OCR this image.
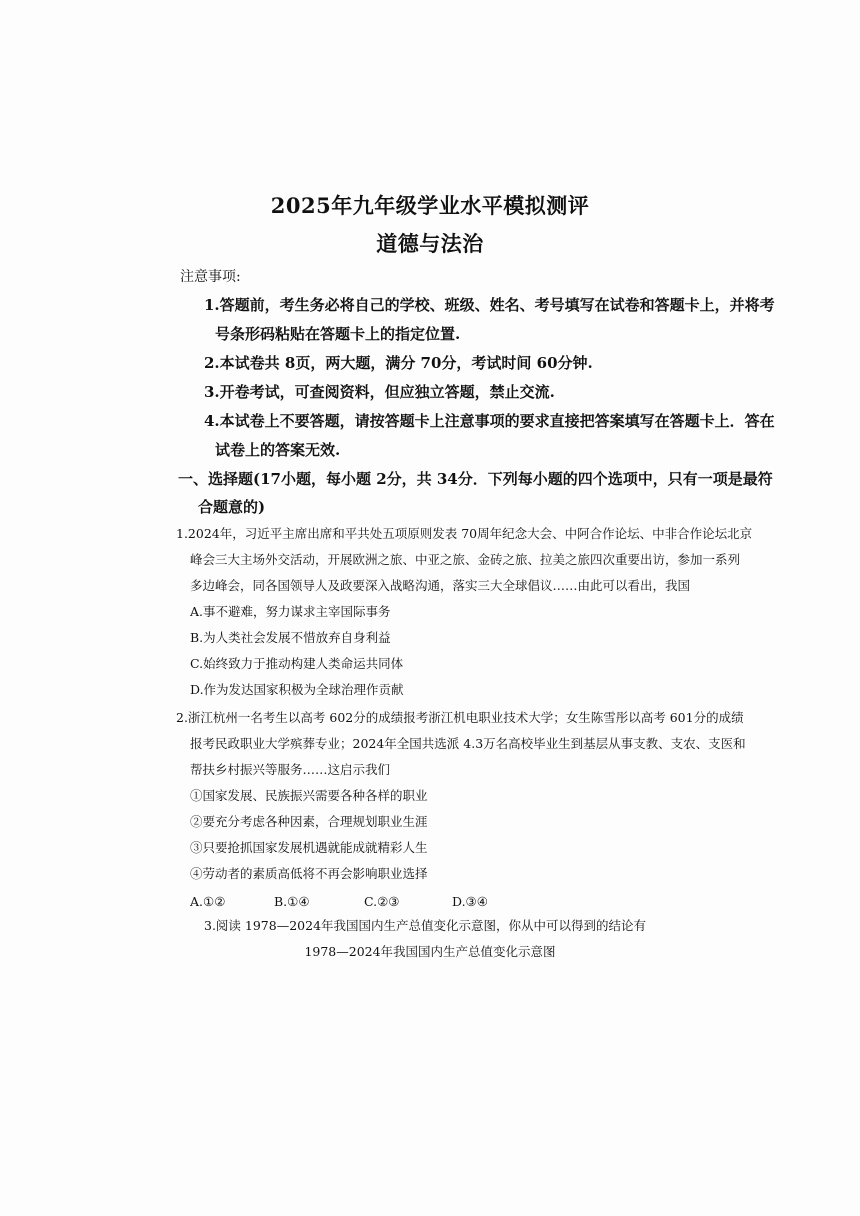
2025年九年级学业水平模拟测评
道德与法治
注意事项:
1.答题前，考生务必将自己的学校、班级、姓名、考号填写在试卷和答题卡上，并将考
号条形码粘贴在答题卡上的指定位置.
2.本试卷共 8页，两大题，满分 70分，考试时间 60分钟.
3.开卷考试，可查阅资料，但应独立答题，禁止交流.
4.本试卷上不要答题，请按答题卡上注意事项的要求直接把答案填写在答题卡上．答在
试卷上的答案无效.
一、选择题(17小题，每小题 2分，共 34分．下列每小题的四个选项中，只有一项是最符
合题意的)
1.2024年，习近平主席出席和平共处五项原则发表 70周年纪念大会、中阿合作论坛、中非合作论坛北京
峰会三大主场外交活动，开展欧洲之旅、中亚之旅、金砖之旅、拉美之旅四次重要出访，参加一系列
多边峰会，同各国领导人及政要深入战略沟通，落实三大全球倡议……由此可以看出，我国
A.事不避难，努力谋求主宰国际事务
B.为人类社会发展不惜放弃自身利益
C.始终致力于推动构建人类命运共同体
D.作为发达国家积极为全球治理作贡献
2.浙江杭州一名考生以高考 602分的成绩报考浙江机电职业技术大学；女生陈雪彤以高考 601分的成绩
报考民政职业大学殡葬专业；2024年全国共选派 4.3万名高校毕业生到基层从事支教、支农、支医和
帮扶乡村振兴等服务……这启示我们
①国家发展、民族振兴需要各种各样的职业
②要充分考虑各种因素，合理规划职业生涯
③只要抢抓国家发展机遇就能成就精彩人生
④劳动者的素质高低将不再会影响职业选择
A.①②	B.①④	C.②③	D.③④
3.阅读 1978—2024年我国国内生产总值变化示意图，你从中可以得到的结论有
1978—2024年我国国内生产总值变化示意图
